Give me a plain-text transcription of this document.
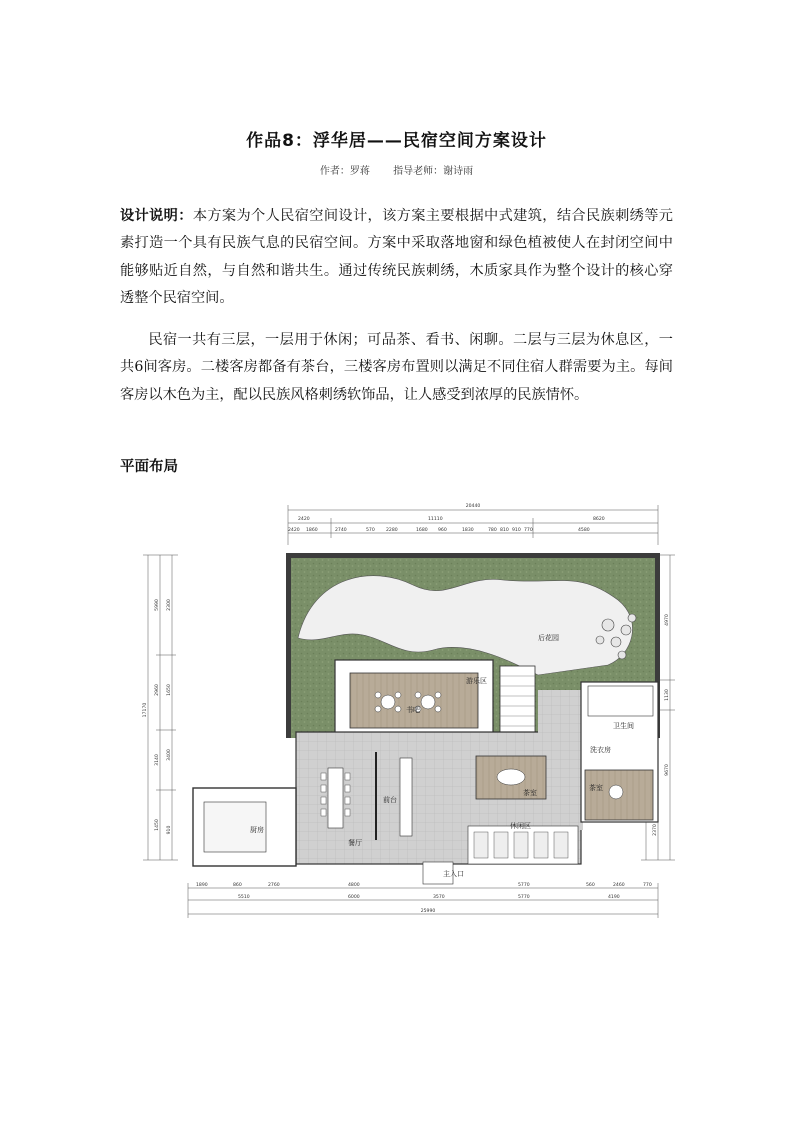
作品8：浮华居——民宿空间方案设计
作者：罗蒋 指导老师：谢诗雨

设计说明：本方案为个人民宿空间设计，该方案主要根据中式建筑，结合民族刺绣等元素打造一个具有民族气息的民宿空间。方案中采取落地窗和绿色植被使人在封闭空间中能够贴近自然，与自然和谐共生。通过传统民族刺绣，木质家具作为整个设计的核心穿透整个民宿空间。

民宿一共有三层，一层用于休闲；可品茶、看书、闲聊。二层与三层为休息区，一共6间客房。二楼客房都备有茶台，三楼客房布置则以满足不同住宿人群需要为主。每间客房以木色为主，配以民族风格刺绣软饰品，让人感受到浓厚的民族情怀。

平面布局
20440
2420	11110	8620
2420 1860	2740	570 2280	1680 960	1830	780 810 910 770	4580
17170
5990
2960
3140
1450
2300
1650
3400
910
4970
1130
9670
2370
后花园
书吧
游乐区
餐厅
前台
茶室
休闲区
卫生间
洗衣房
茶室
厨房
主入口
1890	860	2760	4800	5770	560	2460	770
5510	6000	3570	5770	4190
25990
